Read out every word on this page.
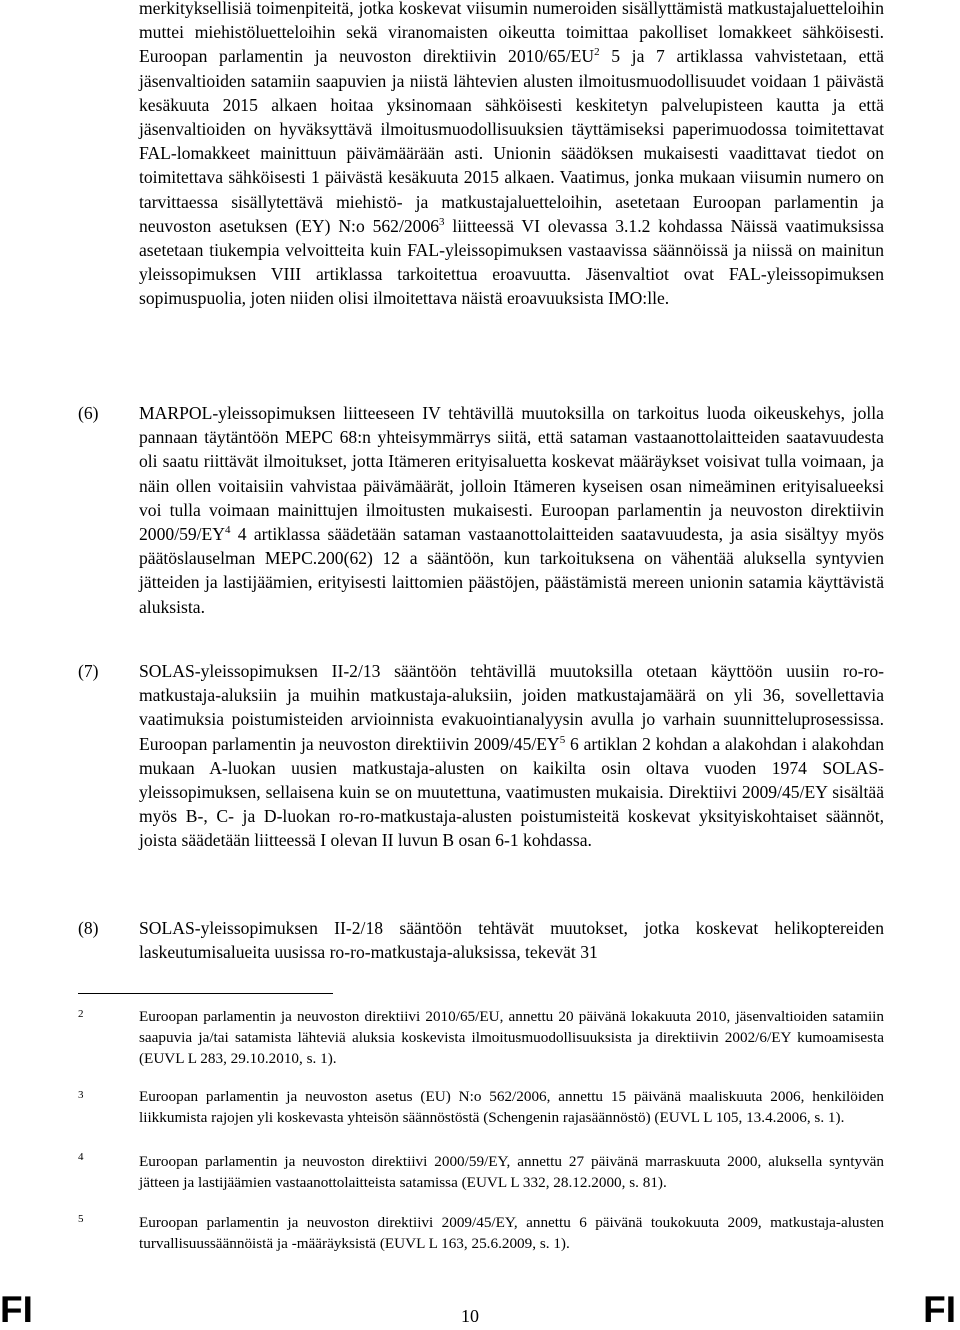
merkityksellisiä toimenpiteitä, jotka koskevat viisumin numeroiden sisällyttämistä matkustajaluetteloihin muttei miehistöluetteloihin sekä viranomaisten oikeutta toimittaa pakolliset lomakkeet sähköisesti. Euroopan parlamentin ja neuvoston direktiivin $2010/65/EU^2$ 5 ja 7 artiklassa vahvistetaan, että jäsenvaltioiden satamiin saapuvien ja niistä lähtevien alusten ilmoitusmuodollisuudet voidaan 1 päivästä kesäkuuta 2015 alkaen hoitaa yksinomaan sähköisesti keskitetyn palvelupisteen kautta ja että jäsenvaltioiden on hyväksyttävä ilmoitusmuodollisuuksien täyttämiseksi paperimuodossa toimitettavat FAL-lomakkeet mainittuun päivämäärään asti. Unionin säädöksen mukaisesti vaadittavat tiedot on toimitettava sähköisesti 1 päivästä kesäkuuta 2015 alkaen. Vaatimus, jonka mukaan viisumin numero on tarvittaessa sisällytettävä miehistö- ja matkustajaluetteloihin, asetetaan Euroopan parlamentin ja neuvoston asetuksen (EY) N:o 562/2006$^3$ liitteessä VI olevassa 3.1.2 kohdassa Näissä vaatimuksissa asetetaan tiukempia velvoitteita kuin FAL-yleissopimuksen vastaavissa säännöissä ja niissä on mainitun yleissopimuksen VIII artiklassa tarkoitettua eroavuutta. Jäsenvaltiot ovat FAL-yleissopimuksen sopimuspuolia, joten niiden olisi ilmoitettava näistä eroavuuksista IMO:lle.

(6) MARPOL-yleissopimuksen liitteeseen IV tehtävillä muutoksilla on tarkoitus luoda oikeuskehys, jolla pannaan täytäntöön MEPC 68:n yhteisymmärrys siitä, että sataman vastaanottolaitteiden saatavuudesta oli saatu riittävät ilmoitukset, jotta Itämeren erityisaluetta koskevat määräykset voisivat tulla voimaan, ja näin ollen voitaisiin vahvistaa päivämäärät, jolloin Itämeren kyseisen osan nimeäminen erityisalueeksi voi tulla voimaan mainittujen ilmoitusten mukaisesti. Euroopan parlamentin ja neuvoston direktiivin $2000/59/EY^4$ 4 artiklassa säädetään sataman vastaanottolaitteiden saatavuudesta, ja asia sisältyy myös päätöslauselman MEPC.200(62) 12 a sääntöön, kun tarkoituksena on vähentää aluksella syntyvien jätteiden ja lastijäämien, erityisesti laittomien päästöjen, päästämistä mereen unionin satamia käyttävistä aluksista.

(7) SOLAS-yleissopimuksen II-2/13 sääntöön tehtävillä muutoksilla otetaan käyttöön uusiin ro-ro-matkustaja-aluksiin ja muihin matkustaja-aluksiin, joiden matkustajamäärä on yli 36, sovellettavia vaatimuksia poistumisteiden arvioinnista evakuointianalyysin avulla jo varhain suunnitteluprosessissa. Euroopan parlamentin ja neuvoston direktiivin $2009/45/EY^5$ 6 artiklan 2 kohdan a alakohdan i alakohdan mukaan A-luokan uusien matkustaja-alusten on kaikilta osin oltava vuoden 1974 SOLAS-yleissopimuksen, sellaisena kuin se on muutettuna, vaatimusten mukaisia. Direktiivi 2009/45/EY sisältää myös B-, C- ja D-luokan ro-ro-matkustaja-alusten poistumisteitä koskevat yksityiskohtaiset säännöt, joista säädetään liitteessä I olevan II luvun B osan 6-1 kohdassa.

(8) SOLAS-yleissopimuksen II-2/18 sääntöön tehtävät muutokset, jotka koskevat helikoptereiden laskeutumisalueita uusissa ro-ro-matkustaja-aluksissa, tekevät 31

2	Euroopan parlamentin ja neuvoston direktiivi 2010/65/EU, annettu 20 päivänä lokakuuta 2010, jäsenvaltioiden satamiin saapuvia ja/tai satamista lähteviä aluksia koskevista ilmoitusmuodollisuuksista ja direktiivin 2002/6/EY kumoamisesta (EUVL L 283, 29.10.2010, s. 1).

3	Euroopan parlamentin ja neuvoston asetus (EU) N:o 562/2006, annettu 15 päivänä maaliskuuta 2006, henkilöiden liikkumista rajojen yli koskevasta yhteisön säännöstöstä (Schengenin rajasäännöstö) (EUVL L 105, 13.4.2006, s. 1).

4	Euroopan parlamentin ja neuvoston direktiivi 2000/59/EY, annettu 27 päivänä marraskuuta 2000, aluksella syntyvän jätteen ja lastijäämien vastaanottolaitteista satamissa (EUVL L 332, 28.12.2000, s. 81).

5	Euroopan parlamentin ja neuvoston direktiivi 2009/45/EY, annettu 6 päivänä toukokuuta 2009, matkustaja-alusten turvallisuussäännöistä ja -määräyksistä (EUVL L 163, 25.6.2009, s. 1).

FI	10	FI
